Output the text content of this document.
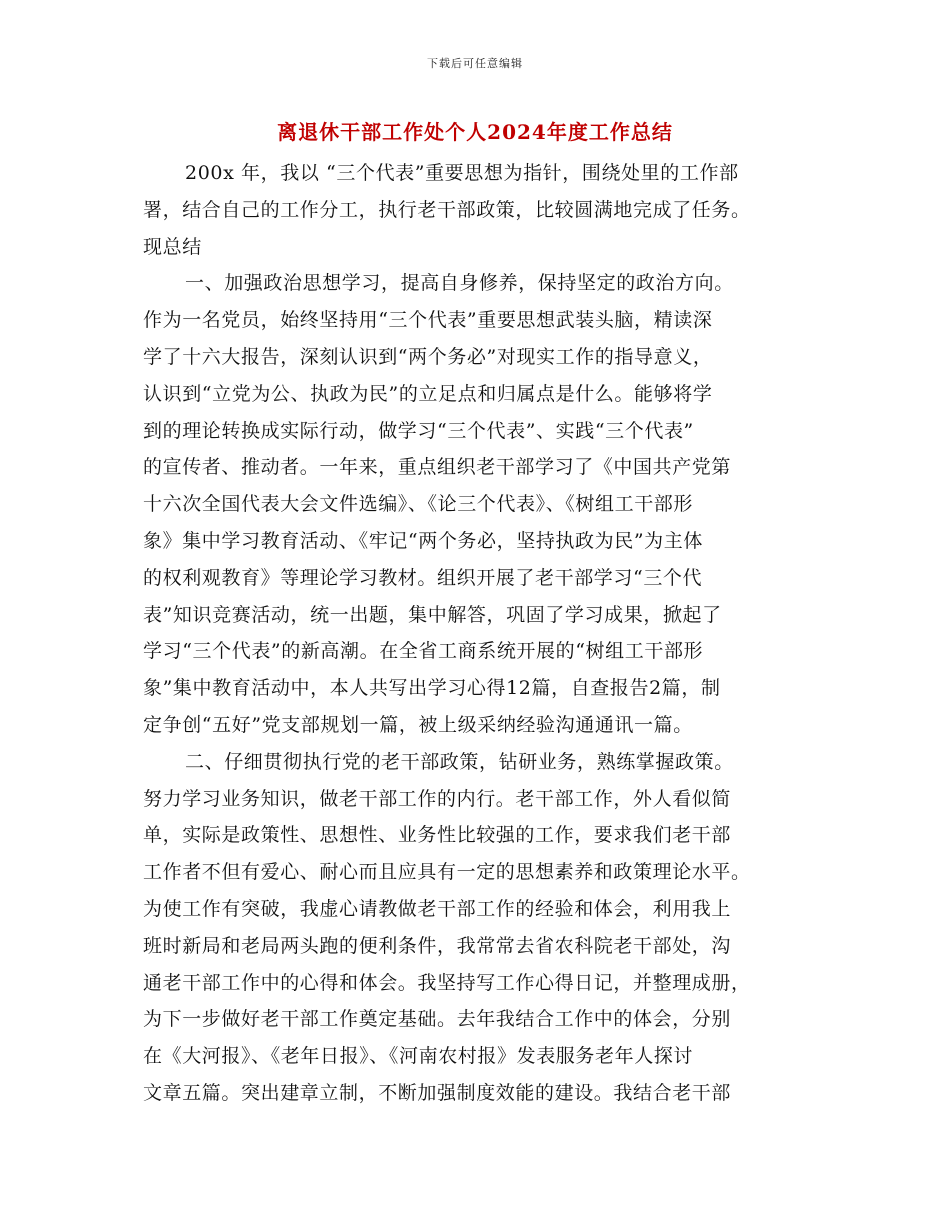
下载后可任意编辑
离退休干部工作处个人2024年度工作总结
200x 年，我以 “三个代表”重要思想为指针，围绕处里的工作部
署，结合自己的工作分工，执行老干部政策，比较圆满地完成了任务。
现总结
一、加强政治思想学习，提高自身修养，保持坚定的政治方向。
作为一名党员，始终坚持用“三个代表”重要思想武装头脑，精读深
学了十六大报告，深刻认识到“两个务必”对现实工作的指导意义，
认识到“立党为公、执政为民”的立足点和归属点是什么。能够将学
到的理论转换成实际行动，做学习“三个代表”、实践“三个代表”
的宣传者、推动者。一年来，重点组织老干部学习了《中国共产党第
十六次全国代表大会文件选编》、《论三个代表》、《树组工干部形
象》集中学习教育活动、《牢记“两个务必，坚持执政为民”为主体
的权利观教育》等理论学习教材。组织开展了老干部学习“三个代
表”知识竞赛活动，统一出题，集中解答，巩固了学习成果，掀起了
学习“三个代表”的新高潮。在全省工商系统开展的“树组工干部形
象”集中教育活动中，本人共写出学习心得12篇，自查报告2篇，制
定争创“五好”党支部规划一篇，被上级采纳经验沟通通讯一篇。
二、仔细贯彻执行党的老干部政策，钻研业务，熟练掌握政策。
努力学习业务知识，做老干部工作的内行。老干部工作，外人看似简
单，实际是政策性、思想性、业务性比较强的工作，要求我们老干部
工作者不但有爱心、耐心而且应具有一定的思想素养和政策理论水平。
为使工作有突破，我虚心请教做老干部工作的经验和体会，利用我上
班时新局和老局两头跑的便利条件，我常常去省农科院老干部处，沟
通老干部工作中的心得和体会。我坚持写工作心得日记，并整理成册，
为下一步做好老干部工作奠定基础。去年我结合工作中的体会，分别
在《大河报》、《老年日报》、《河南农村报》发表服务老年人探讨
文章五篇。突出建章立制，不断加强制度效能的建设。我结合老干部
